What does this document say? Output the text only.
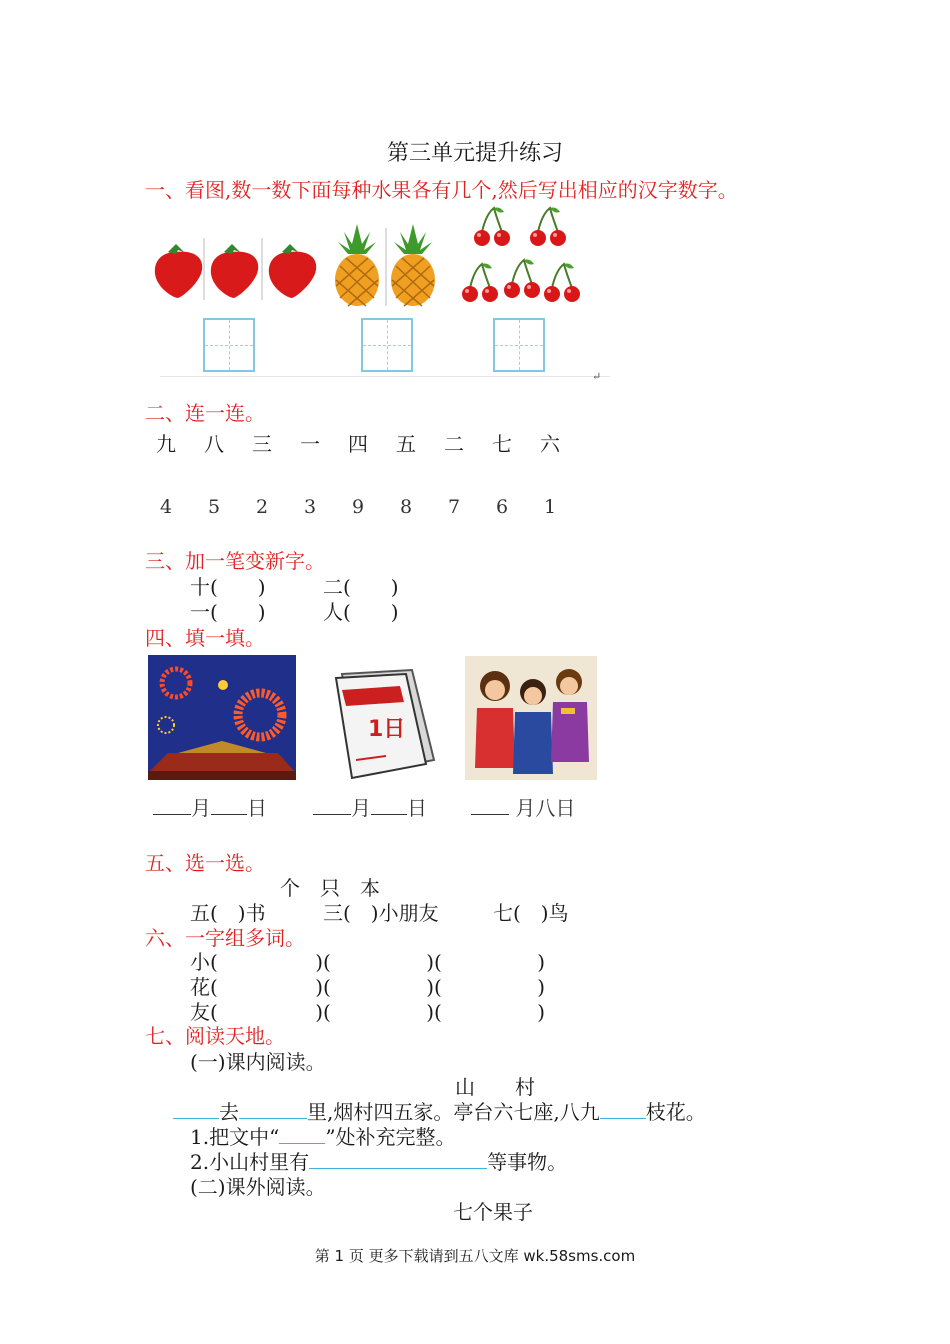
第三单元提升练习
一、看图,数一数下面每种水果各有几个,然后写出相应的汉字数字。
↵
二、连一连。
九 八 三 一 四 五 二 七 六
4 5 2 3 9 8 7 6 1
三、加一笔变新字。
十(　　)	二(　　)
一(　　)	人(　　)
四、填一填。
1日
月 日	月 日	月八日
五、选一选。
个　只　本
五(　)书	三(　)小朋友	七(　)鸟
六、一字组多词。
小(	) (	) (	)
花(	) (	) (	)
友(	) (	) (	)
七、阅读天地。
(一)课内阅读。
山　　村
去	里,烟村四五家。亭台六七座,八九 枝花。
1.把文中“ ”处补充完整。
2.小山村里有	等事物。
(二)课外阅读。
七个果子
第 1 页 更多下载请到五八文库 wk.58sms.com
